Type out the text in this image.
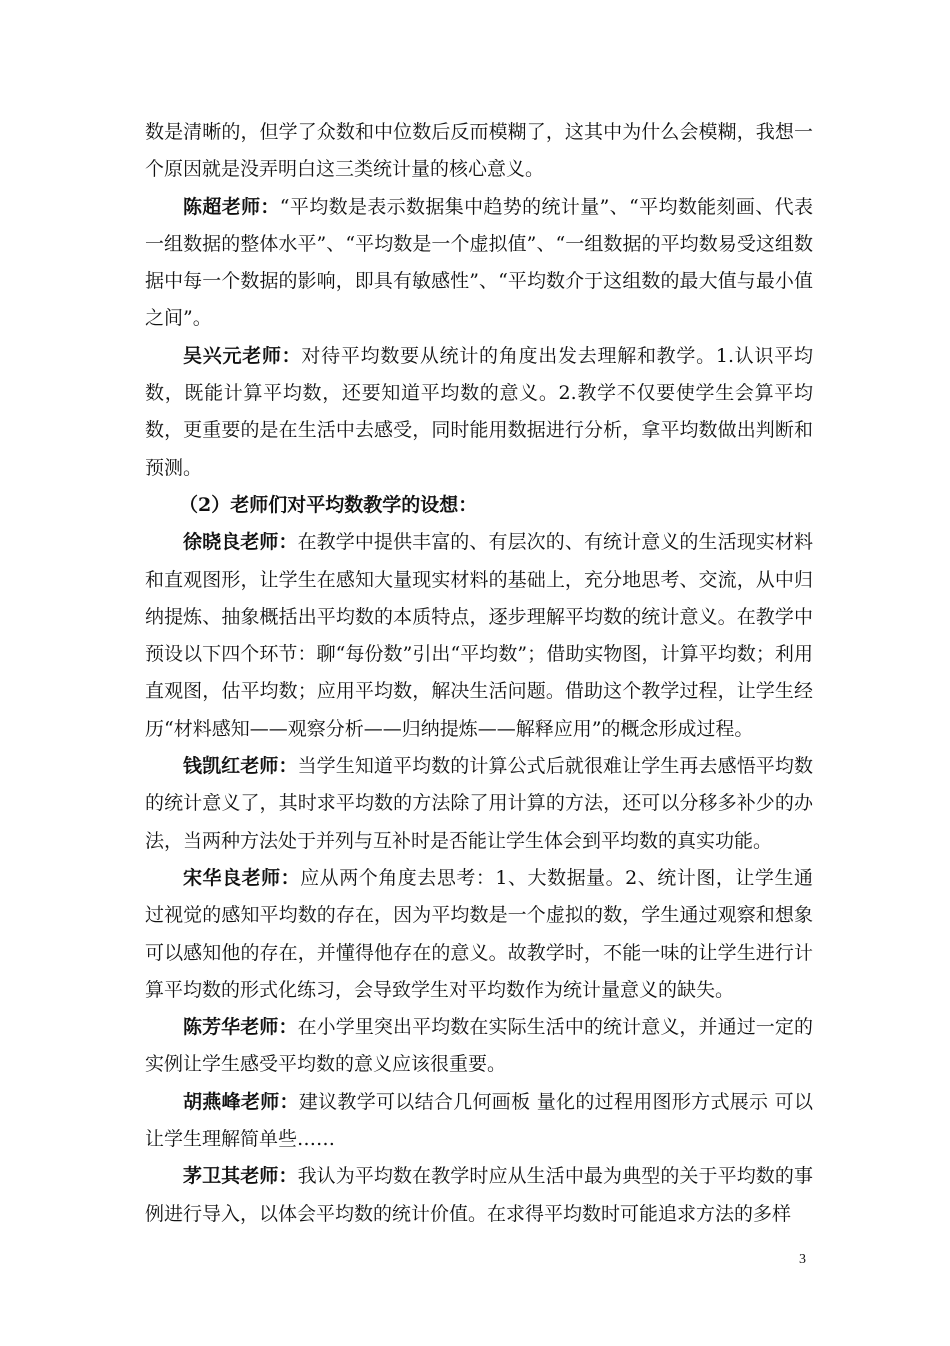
数是清晰的，但学了众数和中位数后反而模糊了，这其中为什么会模糊，我想一个原因就是没弄明白这三类统计量的核心意义。

陈超老师：“平均数是表示数据集中趋势的统计量”、“平均数能刻画、代表一组数据的整体水平”、“平均数是一个虚拟值”、“一组数据的平均数易受这组数据中每一个数据的影响，即具有敏感性”、“平均数介于这组数的最大值与最小值之间”。

吴兴元老师：对待平均数要从统计的角度出发去理解和教学。1.认识平均数，既能计算平均数，还要知道平均数的意义。2.教学不仅要使学生会算平均数，更重要的是在生活中去感受，同时能用数据进行分析，拿平均数做出判断和预测。

（2）老师们对平均数教学的设想：

徐晓良老师：在教学中提供丰富的、有层次的、有统计意义的生活现实材料和直观图形，让学生在感知大量现实材料的基础上，充分地思考、交流，从中归纳提炼、抽象概括出平均数的本质特点，逐步理解平均数的统计意义。在教学中预设以下四个环节：聊“每份数”引出“平均数”；借助实物图，计算平均数；利用直观图，估平均数；应用平均数，解决生活问题。借助这个教学过程，让学生经历“材料感知——观察分析——归纳提炼——解释应用”的概念形成过程。

钱凯红老师：当学生知道平均数的计算公式后就很难让学生再去感悟平均数的统计意义了，其时求平均数的方法除了用计算的方法，还可以分移多补少的办法，当两种方法处于并列与互补时是否能让学生体会到平均数的真实功能。

宋华良老师：应从两个角度去思考：1、大数据量。2、统计图，让学生通过视觉的感知平均数的存在，因为平均数是一个虚拟的数，学生通过观察和想象可以感知他的存在，并懂得他存在的意义。故教学时，不能一味的让学生进行计算平均数的形式化练习，会导致学生对平均数作为统计量意义的缺失。

陈芳华老师：在小学里突出平均数在实际生活中的统计意义，并通过一定的实例让学生感受平均数的意义应该很重要。

胡燕峰老师：建议教学可以结合几何画板 量化的过程用图形方式展示 可以让学生理解简单些……

茅卫其老师：我认为平均数在教学时应从生活中最为典型的关于平均数的事例进行导入，以体会平均数的统计价值。在求得平均数时可能追求方法的多样

3
